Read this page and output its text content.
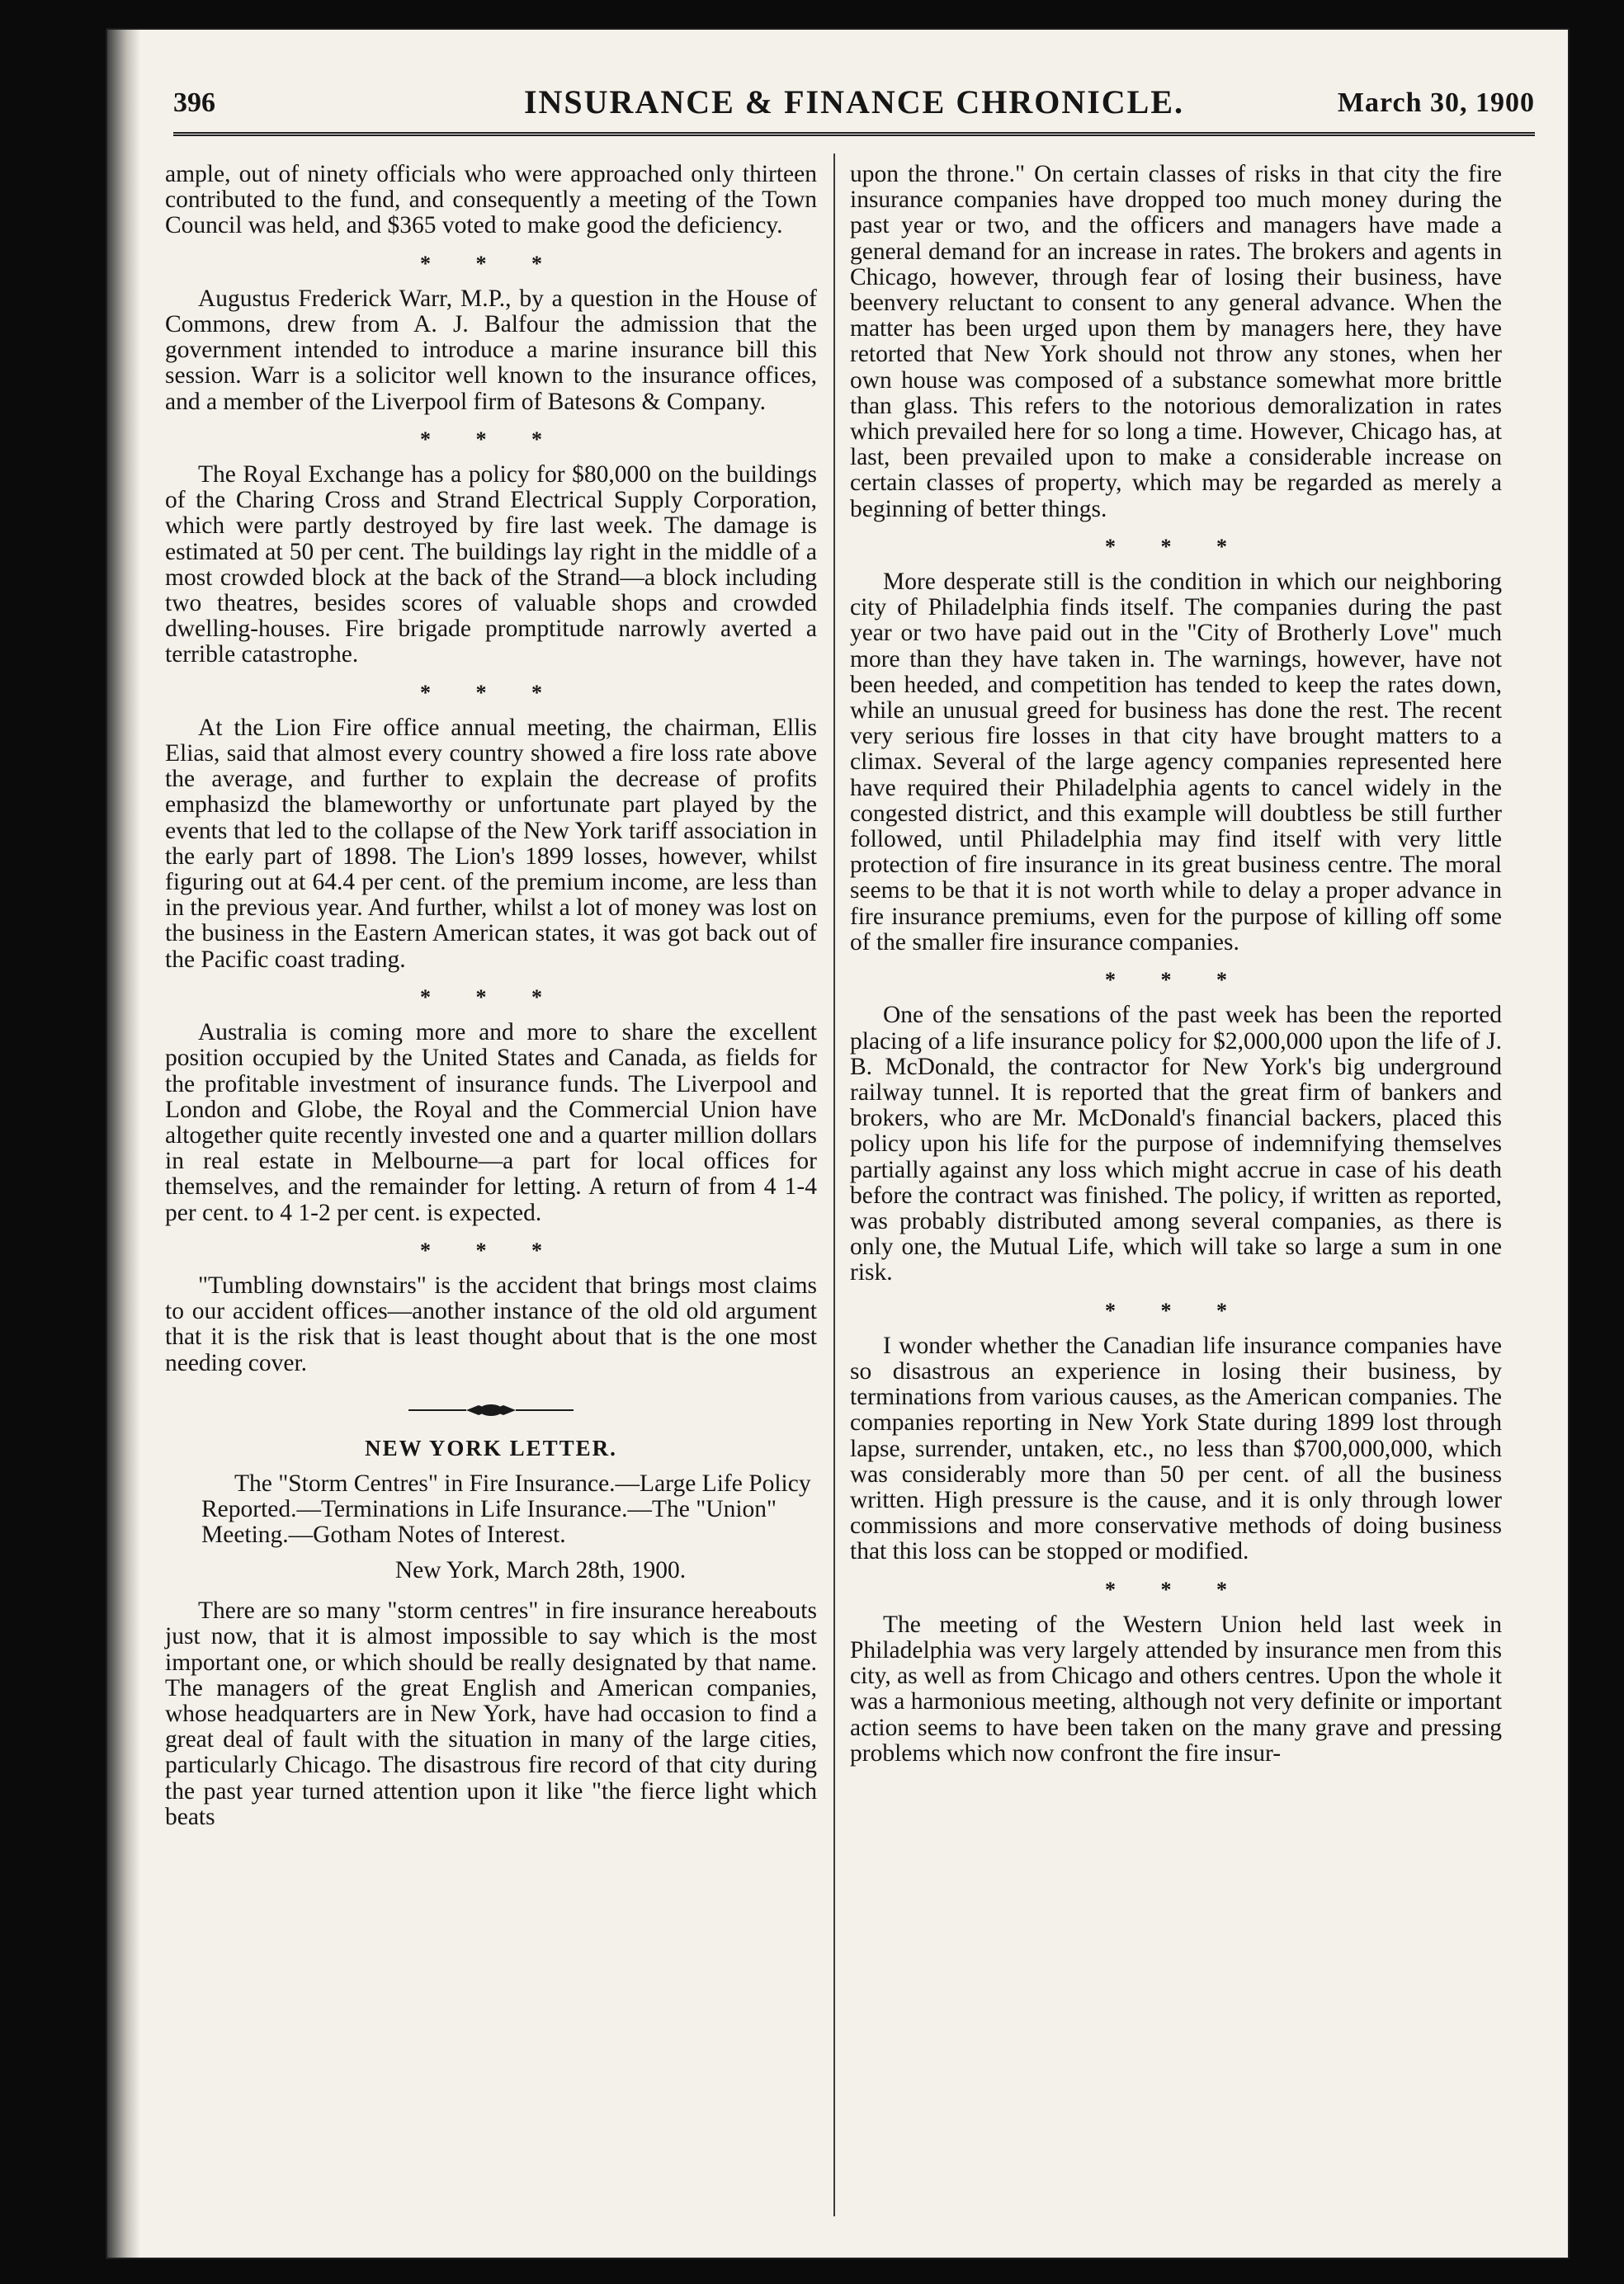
396	INSURANCE & FINANCE CHRONICLE.	March 30, 1900

ample, out of ninety officials who were approached only thirteen contributed to the fund, and consequently a meeting of the Town Council was held, and $365 voted to make good the deficiency.

* * *

Augustus Frederick Warr, M.P., by a question in the House of Commons, drew from A. J. Balfour the admission that the government intended to introduce a marine insurance bill this session. Warr is a solicitor well known to the insurance offices, and a member of the Liverpool firm of Batesons & Company.

* * *

The Royal Exchange has a policy for $80,000 on the buildings of the Charing Cross and Strand Electrical Supply Corporation, which were partly destroyed by fire last week. The damage is estimated at 50 per cent. The buildings lay right in the middle of a most crowded block at the back of the Strand—a block including two theatres, besides scores of valuable shops and crowded dwelling-houses. Fire brigade promptitude narrowly averted a terrible catastrophe.

* * *

At the Lion Fire office annual meeting, the chairman, Ellis Elias, said that almost every country showed a fire loss rate above the average, and further to explain the decrease of profits emphasizd the blameworthy or unfortunate part played by the events that led to the collapse of the New York tariff association in the early part of 1898. The Lion's 1899 losses, however, whilst figuring out at 64.4 per cent. of the premium income, are less than in the previous year. And further, whilst a lot of money was lost on the business in the Eastern American states, it was got back out of the Pacific coast trading.

* * *

Australia is coming more and more to share the excellent position occupied by the United States and Canada, as fields for the profitable investment of insurance funds. The Liverpool and London and Globe, the Royal and the Commercial Union have altogether quite recently invested one and a quarter million dollars in real estate in Melbourne—a part for local offices for themselves, and the remainder for letting. A return of from 4 1-4 per cent. to 4 1-2 per cent. is expected.

* * *

"Tumbling downstairs" is the accident that brings most claims to our accident offices—another instance of the old old argument that it is the risk that is least thought about that is the one most needing cover.

NEW YORK LETTER.

The "Storm Centres" in Fire Insurance.—Large Life Policy Reported.—Terminations in Life Insurance.—The "Union" Meeting.—Gotham Notes of Interest.

New York, March 28th, 1900.

There are so many "storm centres" in fire insurance hereabouts just now, that it is almost impossible to say which is the most important one, or which should be really designated by that name. The managers of the great English and American companies, whose headquarters are in New York, have had occasion to find a great deal of fault with the situation in many of the large cities, particularly Chicago. The disastrous fire record of that city during the past year turned attention upon it like "the fierce light which beats

upon the throne." On certain classes of risks in that city the fire insurance companies have dropped too much money during the past year or two, and the officers and managers have made a general demand for an increase in rates. The brokers and agents in Chicago, however, through fear of losing their business, have beenvery reluctant to consent to any general advance. When the matter has been urged upon them by managers here, they have retorted that New York should not throw any stones, when her own house was composed of a substance somewhat more brittle than glass. This refers to the notorious demoralization in rates which prevailed here for so long a time. However, Chicago has, at last, been prevailed upon to make a considerable increase on certain classes of property, which may be regarded as merely a beginning of better things.

* * *

More desperate still is the condition in which our neighboring city of Philadelphia finds itself. The companies during the past year or two have paid out in the "City of Brotherly Love" much more than they have taken in. The warnings, however, have not been heeded, and competition has tended to keep the rates down, while an unusual greed for business has done the rest. The recent very serious fire losses in that city have brought matters to a climax. Several of the large agency companies represented here have required their Philadelphia agents to cancel widely in the congested district, and this example will doubtless be still further followed, until Philadelphia may find itself with very little protection of fire insurance in its great business centre. The moral seems to be that it is not worth while to delay a proper advance in fire insurance premiums, even for the purpose of killing off some of the smaller fire insurance companies.

* * *

One of the sensations of the past week has been the reported placing of a life insurance policy for $2,000,000 upon the life of J. B. McDonald, the contractor for New York's big underground railway tunnel. It is reported that the great firm of bankers and brokers, who are Mr. McDonald's financial backers, placed this policy upon his life for the purpose of indemnifying themselves partially against any loss which might accrue in case of his death before the contract was finished. The policy, if written as reported, was probably distributed among several companies, as there is only one, the Mutual Life, which will take so large a sum in one risk.

* * *

I wonder whether the Canadian life insurance companies have so disastrous an experience in losing their business, by terminations from various causes, as the American companies. The companies reporting in New York State during 1899 lost through lapse, surrender, untaken, etc., no less than $700,000,000, which was considerably more than 50 per cent. of all the business written. High pressure is the cause, and it is only through lower commissions and more conservative methods of doing business that this loss can be stopped or modified.

* * *

The meeting of the Western Union held last week in Philadelphia was very largely attended by insurance men from this city, as well as from Chicago and others centres. Upon the whole it was a harmonious meeting, although not very definite or important action seems to have been taken on the many grave and pressing problems which now confront the fire insur-
